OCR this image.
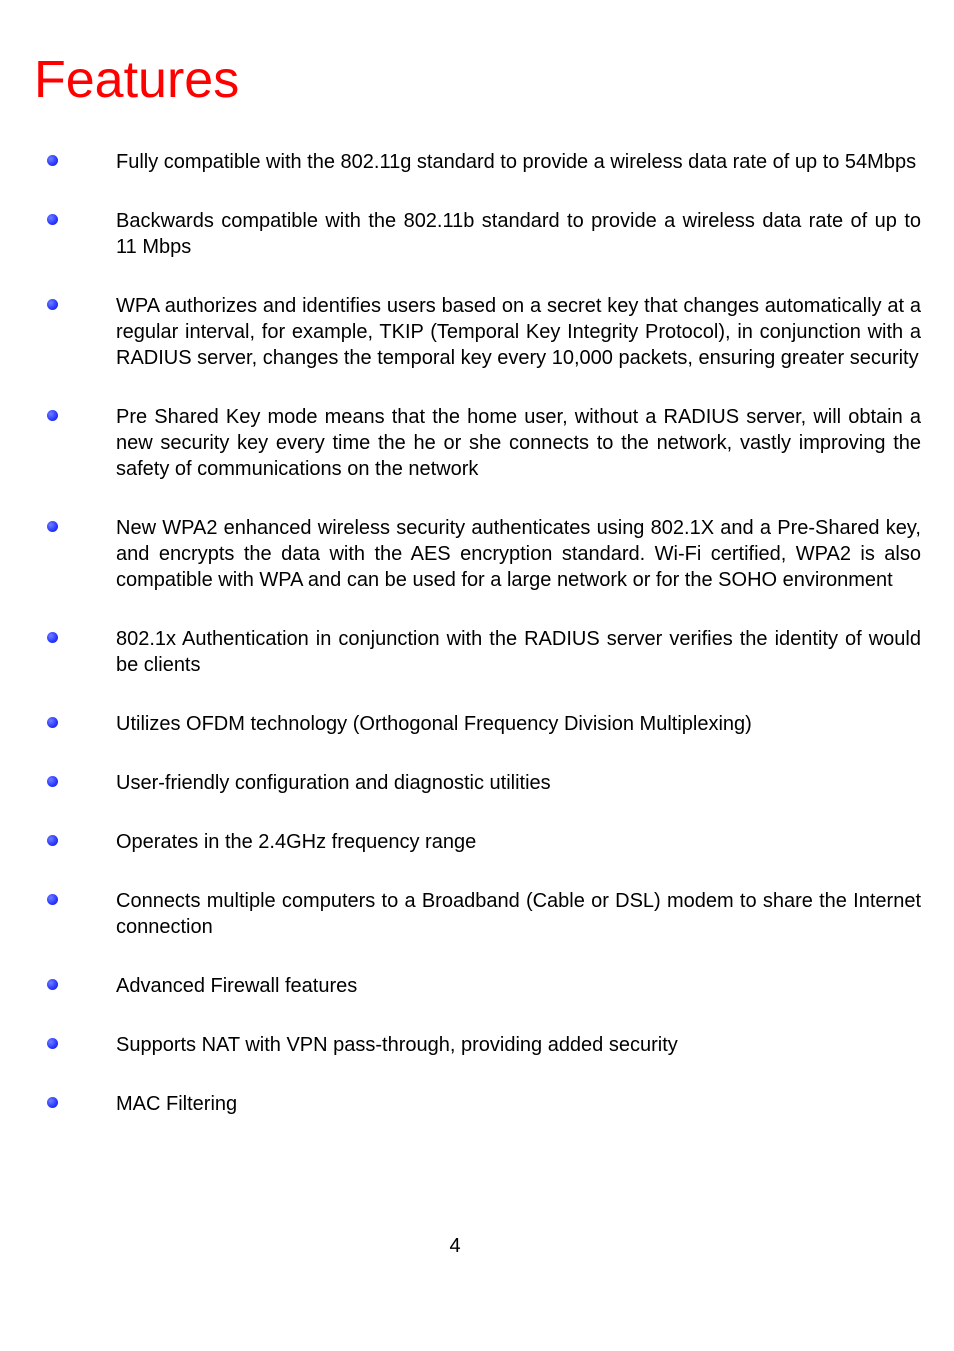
Features
Fully compatible with the 802.11g standard to provide a wireless data rate of up to 54Mbps
Backwards compatible with the 802.11b standard to provide a wireless data rate of up to 11 Mbps
WPA authorizes and identifies users based on a secret key that changes automatically at a regular interval, for example, TKIP (Temporal Key Integrity Protocol), in conjunction with a RADIUS server, changes the temporal key every 10,000 packets, ensuring greater security
Pre Shared Key mode means that the home user, without a RADIUS server, will obtain a new security key every time the he or she connects to the network, vastly improving the safety of communications on the network
New WPA2 enhanced wireless security authenticates using 802.1X and a Pre-Shared key, and encrypts the data with the AES encryption standard. Wi-Fi certified, WPA2 is also compatible with WPA and can be used for a large network or for the SOHO environment
802.1x Authentication in conjunction with the RADIUS server verifies the identity of would be clients
Utilizes OFDM technology (Orthogonal Frequency Division Multiplexing)
User-friendly configuration and diagnostic utilities
Operates in the 2.4GHz frequency range
Connects multiple computers to a Broadband (Cable or DSL) modem to share the Internet connection
Advanced Firewall features
Supports NAT with VPN pass-through, providing added security
MAC Filtering
4
